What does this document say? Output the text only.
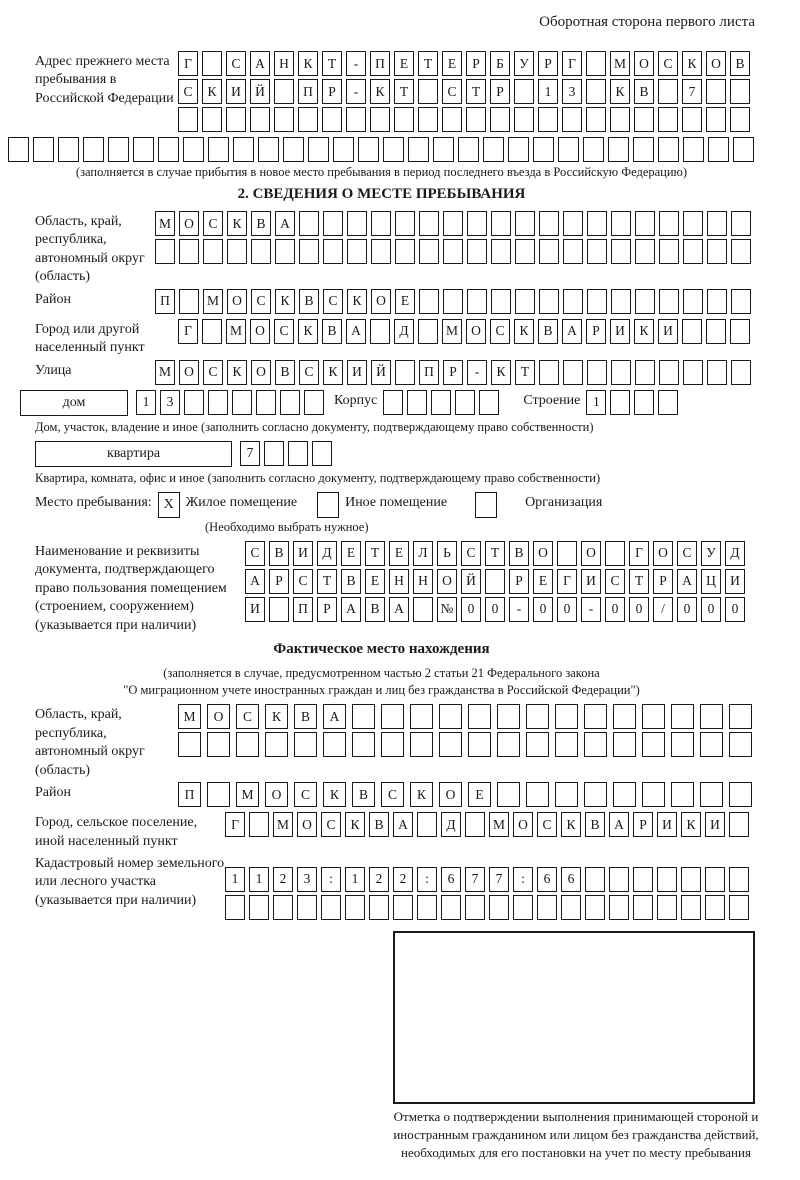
Оборотная сторона первого листа
Адрес прежнего места пребывания в Российской Федерации
Г	С	А	Н	К	Т	-	П	Е	Т	Е	Р	Б	У	Р	Г	М О	С	К	О	В
С	К	И	Й	П	Р	-	К	Т	С	Т	Р	1	3	К	В	7
(заполняется в случае прибытия в новое место пребывания в период последнего въезда в Российскую Федерацию)
2. СВЕДЕНИЯ О МЕСТЕ ПРЕБЫВАНИЯ
Область, край, республика, автономный округ (область)
М О	С	К	В	А
Район	П	М О	С	К	В	С	К	О	Е
Город или другой населенный пункт
Г	М О	С	К	В	А	Д	М О	С	К	В	А	Р	И	К	И
Улица	М О	С	К	О	В	С	К	И	Й	П	Р	-	К	Т
дом	1	3	Корпус	Строение 1
Дом, участок, владение и иное (заполнить согласно документу, подтверждающему право собственности)
квартира	7
Квартира, комната, офис и иное (заполнить согласно документу, подтверждающему право собственности)
Место пребывания: X Жилое помещение	Иное помещение	Организация
(Необходимо выбрать нужное)
Наименование и реквизиты документа, подтверждающего право пользования помещением (строением, сооружением) (указывается при наличии)
С	В	И	Д	Е	Т	Е	Л	Ь	С	Т	В	О	О	Г	О	С	У	Д
А	Р	С	Т	В	Е	Н	Н	О	Й	Р	Е	Г	И	С	Т	Р	А	Ц	И
И	П	Р	А	В	А	№	0	0	-	0	0	-	0	0	/	0	0	0
Фактическое место нахождения
(заполняется в случае, предусмотренном частью 2 статьи 21 Федерального закона
"О миграционном учете иностранных граждан и лиц без гражданства в Российской Федерации")
Область, край, республика, автономный округ (область)
М	О	С	К	В	А
Район	П	М	О	С	К	В	С	К	О	Е
Город, сельское поселение, иной населенный пункт
Г	М О	С	К	В	А	Д	М О	С	К	В	А	Р	И	К	И
Кадастровый номер земельного или лесного участка (указывается при наличии)
1	1	2	3	:	1	2	2	:	6	7	7	:	6	6
Отметка о подтверждении выполнения принимающей стороной и иностранным гражданином или лицом без гражданства действий, необходимых для его постановки на учет по месту пребывания
